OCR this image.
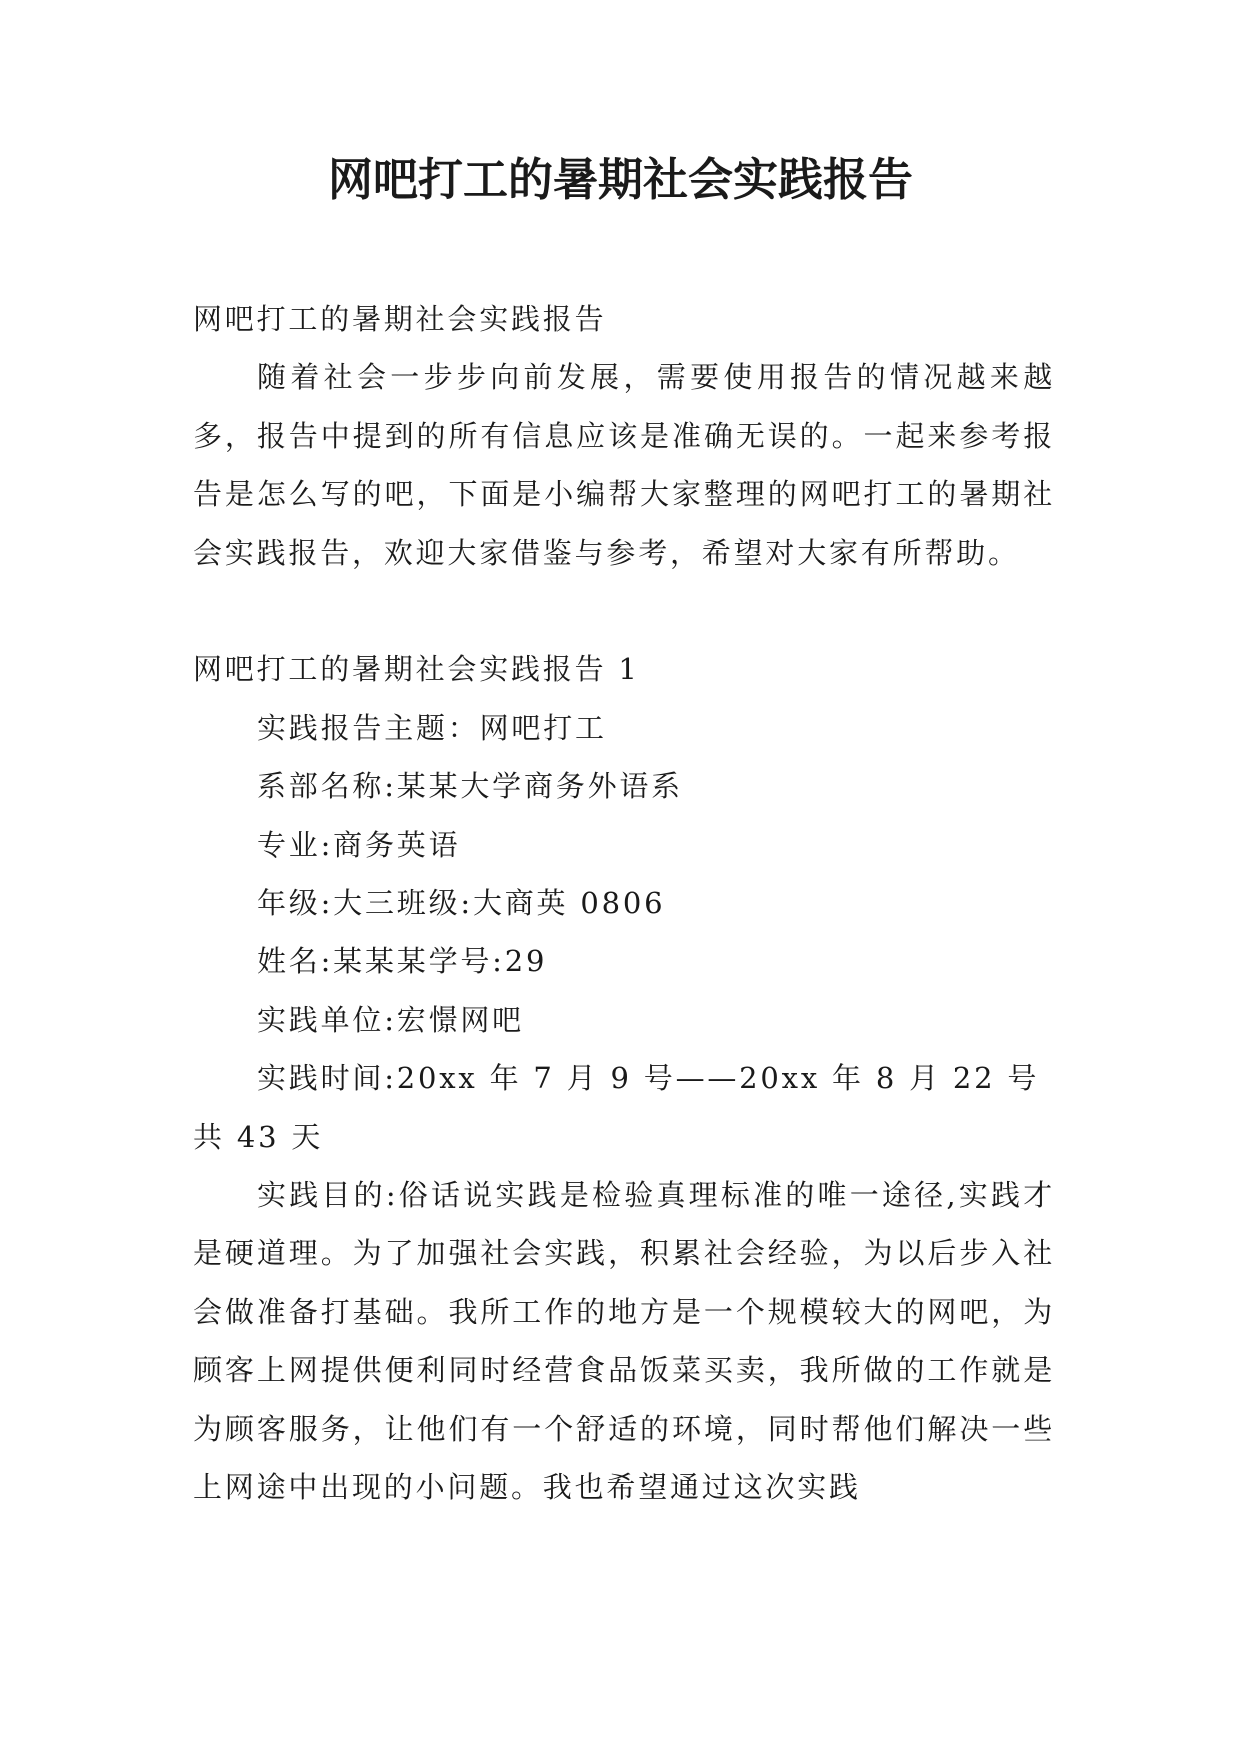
网吧打工的暑期社会实践报告

网吧打工的暑期社会实践报告

随着社会一步步向前发展，需要使用报告的情况越来越多，报告中提到的所有信息应该是准确无误的。一起来参考报告是怎么写的吧，下面是小编帮大家整理的网吧打工的暑期社会实践报告，欢迎大家借鉴与参考，希望对大家有所帮助。

网吧打工的暑期社会实践报告 1

实践报告主题：网吧打工

系部名称:某某大学商务外语系

专业:商务英语

年级:大三班级:大商英 0806

姓名:某某某学号:29

实践单位:宏憬网吧

实践时间:20xx 年 7 月 9 号——20xx 年 8 月 22 号共 43 天

实践目的:俗话说实践是检验真理标准的唯一途径,实践才是硬道理。为了加强社会实践，积累社会经验，为以后步入社会做准备打基础。我所工作的地方是一个规模较大的网吧，为顾客上网提供便利同时经营食品饭菜买卖，我所做的工作就是为顾客服务，让他们有一个舒适的环境，同时帮他们解决一些上网途中出现的小问题。我也希望通过这次实践
